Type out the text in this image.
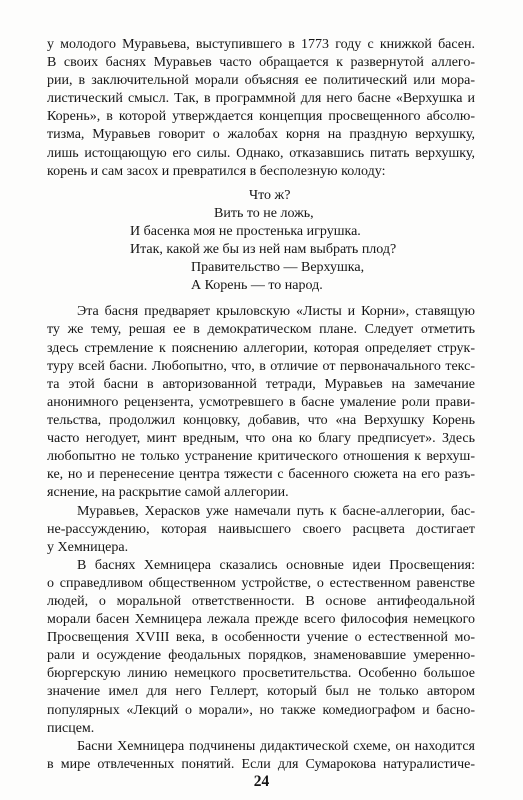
у молодого Муравьева, выступившего в 1773 году с книжкой басен.
В своих баснях Муравьев часто обращается к развернутой аллего-
рии, в заключительной морали объясняя ее политический или мора-
листический смысл. Так, в программной для него басне «Верхушка и
Корень», в которой утверждается концепция просвещенного абсолю-
тизма, Муравьев говорит о жалобах корня на праздную верхушку,
лишь истощающую его силы. Однако, отказавшись питать верхушку,
корень и сам засох и превратился в бесполезную колоду:
Что ж?
Вить то не ложь,
И басенка моя не простенька игрушка.
Итак, какой же бы из ней нам выбрать плод?
Правительство — Верхушка,
А Корень — то народ.
Эта басня предваряет крыловскую «Листы и Корни», ставящую
ту же тему, решая ее в демократическом плане. Следует отметить
здесь стремление к пояснению аллегории, которая определяет струк-
туру всей басни. Любопытно, что, в отличие от первоначального текс-
та этой басни в авторизованной тетради, Муравьев на замечание
анонимного рецензента, усмотревшего в басне умаление роли прави-
тельства, продолжил концовку, добавив, что «на Верхушку Корень
часто негодует, минт вредным, что она ко благу предписует». Здесь
любопытно не только устранение критического отношения к верхуш-
ке, но и перенесение центра тяжести с басенного сюжета на его разъ-
яснение, на раскрытие самой аллегории.
Муравьев, Херасков уже намечали путь к басне-аллегории, бас-
не-рассуждению, которая наивысшего своего расцвета достигает
у Хемницера.
В баснях Хемницера сказались основные идеи Просвещения:
о справедливом общественном устройстве, о естественном равенстве
людей, о моральной ответственности. В основе антифеодальной
морали басен Хемницера лежала прежде всего философия немецкого
Просвещения XVIII века, в особенности учение о естественной мо-
рали и осуждение феодальных порядков, знаменовавшие умеренно-
бюргерскую линию немецкого просветительства. Особенно большое
значение имел для него Геллерт, который был не только автором
популярных «Лекций о морали», но также комедиографом и басно-
писцем.
Басни Хемницера подчинены дидактической схеме, он находится
в мире отвлеченных понятий. Если для Сумарокова натуралистиче-
24
